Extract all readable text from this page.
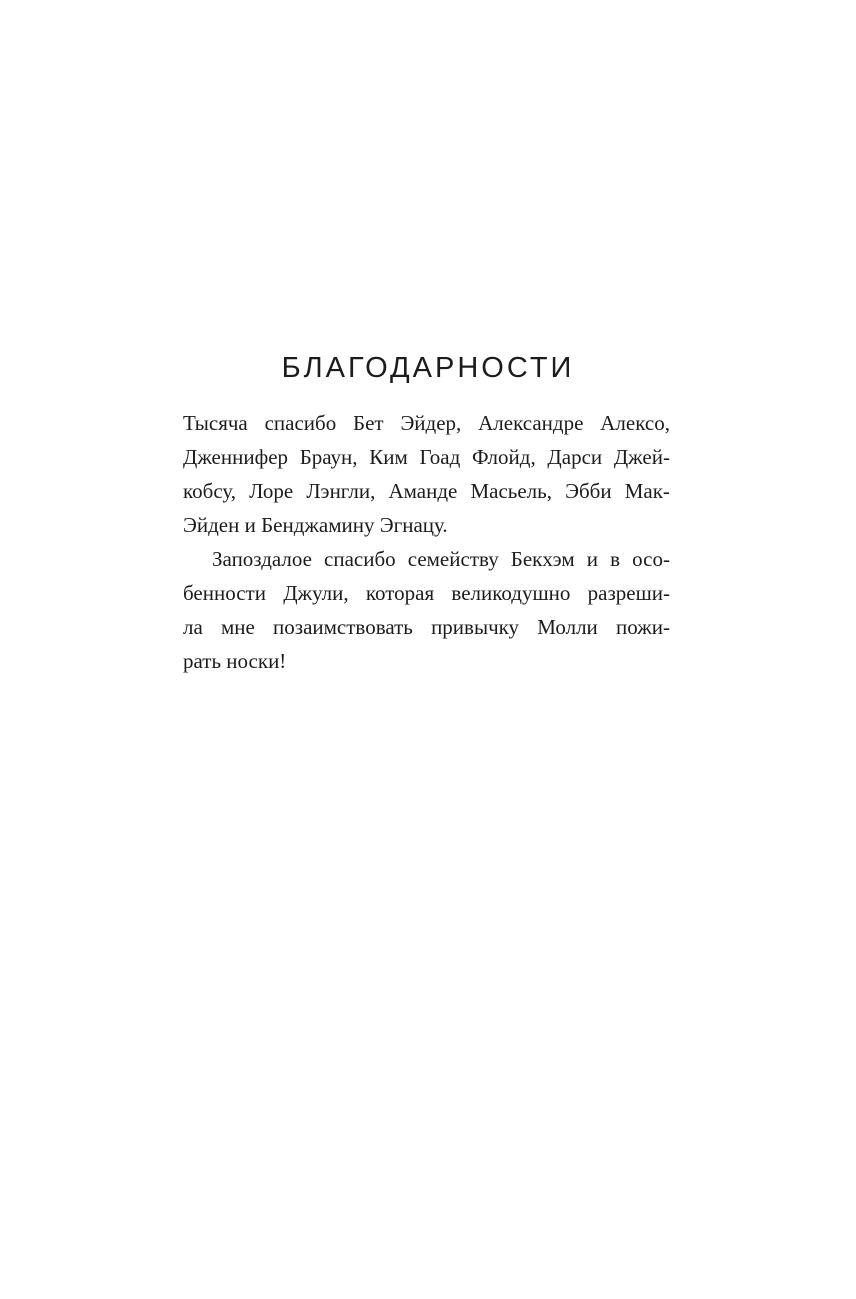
БЛАГОДАРНОСТИ
Тысяча спасибо Бет Эйдер, Александре Алексо,
Дженнифер Браун, Ким Гоад Флойд, Дарси Джей-
кобсу, Лоре Лэнгли, Аманде Масьель, Эбби Мак-
Эйден и Бенджамину Эгнацу.
Запоздалое спасибо семейству Бекхэм и в осо-
бенности Джули, которая великодушно разреши-
ла мне позаимствовать привычку Молли пожи-
рать носки!
